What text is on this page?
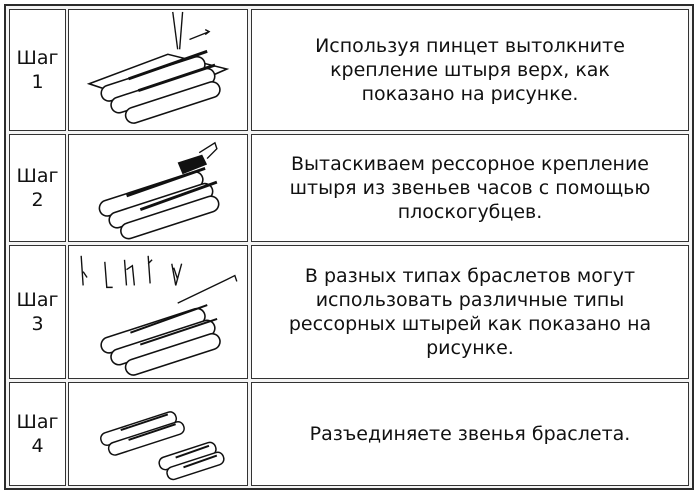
Шаг
1
Используя пинцет вытолкните крепление штыря верх, как показано на рисунке.
Шаг
2
Вытаскиваем рессорное крепление штыря из звеньев часов с помощью плоскогубцев.
Шаг
3
В разных типах браслетов могут использовать различные типы рессорных штырей как показано на рисунке.
Шаг
4
Разъединяете звенья браслета.
